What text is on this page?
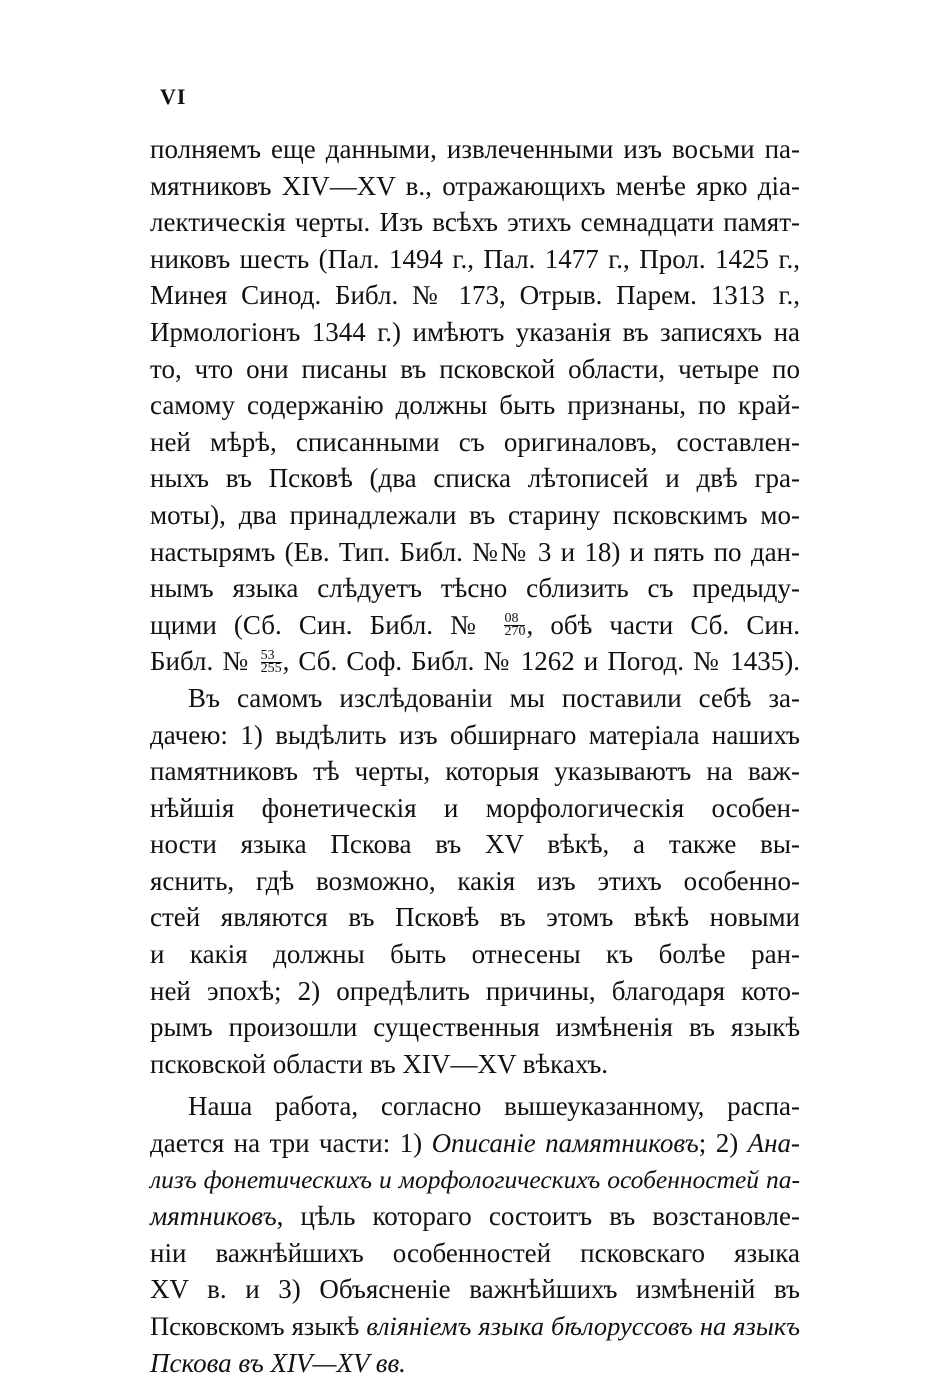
VI
полняемъ еще данными, извлеченными изъ восьми па-
мятниковъ XIV—XV в., отражающихъ менѣе ярко діа-
лектическія черты. Изъ всѣхъ этихъ семнадцати памят-
никовъ шесть (Пал. 1494 г., Пал. 1477 г., Прол. 1425 г.,
Минея Синод. Библ. № 173, Отрыв. Парем. 1313 г.,
Ирмологіонъ 1344 г.) имѣютъ указанія въ записяхъ на
то, что они писаны въ псковской области, четыре по
самому содержанію должны быть признаны, по край-
ней мѣрѣ, списанными съ оригиналовъ, составлен-
ныхъ въ Псковѣ (два списка лѣтописей и двѣ гра-
моты), два принадлежали въ старину псковскимъ мо-
настырямъ (Ев. Тип. Библ. №№ 3 и 18) и пять по дан-
нымъ языка слѣдуетъ тѣсно сблизить съ предыду-
щими (Сб. Син. Библ. № $\frac{08}{270}$ , обѣ части Сб. Син.
Библ. № $\frac{53}{255}$ , Сб. Соф. Библ. № 1262 и Погод. № 1435).
Въ самомъ изслѣдованіи мы поставили себѣ за-
дачею: 1) выдѣлить изъ обширнаго матеріала нашихъ
памятниковъ тѣ черты, которыя указываютъ на важ-
нѣйшія фонетическія и морфологическія особен-
ности языка Пскова въ XV вѣкѣ, а также вы-
яснить, гдѣ возможно, какія изъ этихъ особенно-
стей являются въ Псковѣ въ этомъ вѣкѣ новыми
и какія должны быть отнесены къ болѣе ран-
ней эпохѣ; 2) опредѣлить причины, благодаря кото-
рымъ произошли существенныя измѣненія въ языкѣ
псковской области въ XIV—XV вѣкахъ.
Наша работа, согласно вышеуказанному, распа-
дается на три части: 1) Описаніе памятниковъ; 2) Ана-
лизъ фонетическихъ и морфологическихъ особенностей па-
мятниковъ, цѣль котораго состоитъ въ возстановле-
ніи важнѣйшихъ особенностей псковскаго языка
XV в. и 3) Объясненіе важнѣйшихъ измѣненій въ
Псковскомъ языкѣ вліяніемъ языка бѣлоруссовъ на языкъ
Пскова въ XIV—XV вв.
